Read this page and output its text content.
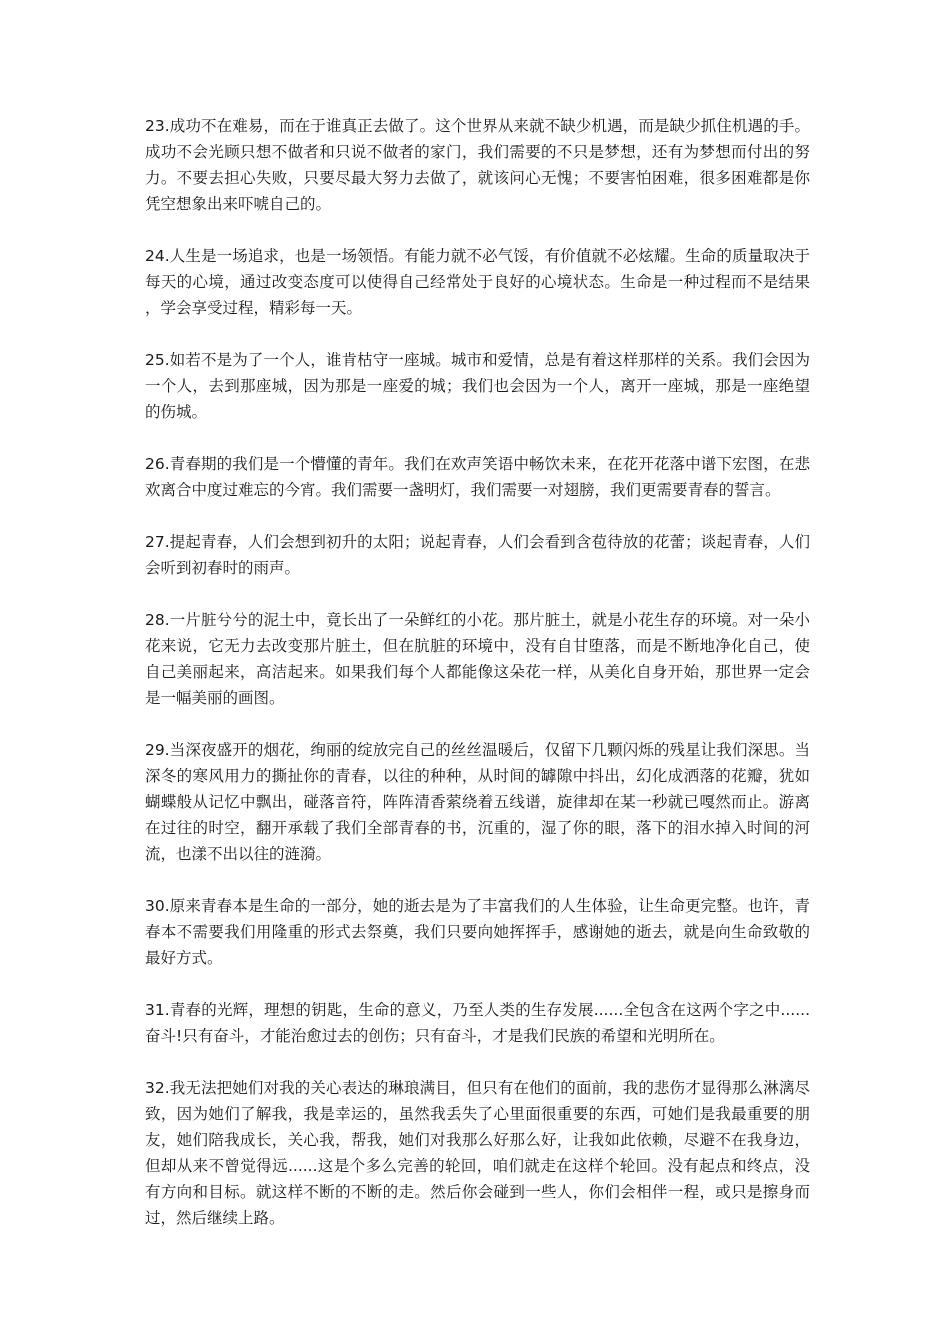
23.成功不在难易，而在于谁真正去做了。这个世界从来就不缺少机遇，而是缺少抓住机遇的手。成功不会光顾只想不做者和只说不做者的家门，我们需要的不只是梦想，还有为梦想而付出的努力。不要去担心失败，只要尽最大努力去做了，就该问心无愧；不要害怕困难，很多困难都是你凭空想象出来吓唬自己的。

24.人生是一场追求，也是一场领悟。有能力就不必气馁，有价值就不必炫耀。生命的质量取决于每天的心境，通过改变态度可以使得自己经常处于良好的心境状态。生命是一种过程而不是结果，学会享受过程，精彩每一天。

25.如若不是为了一个人，谁肯枯守一座城。城市和爱情，总是有着这样那样的关系。我们会因为一个人，去到那座城，因为那是一座爱的城；我们也会因为一个人，离开一座城，那是一座绝望的伤城。

26.青春期的我们是一个懵懂的青年。我们在欢声笑语中畅饮未来，在花开花落中谱下宏图，在悲欢离合中度过难忘的今宵。我们需要一盏明灯，我们需要一对翅膀，我们更需要青春的誓言。

27.提起青春，人们会想到初升的太阳；说起青春，人们会看到含苞待放的花蕾；谈起青春，人们会听到初春时的雨声。

28.一片脏兮兮的泥土中，竟长出了一朵鲜红的小花。那片脏土，就是小花生存的环境。对一朵小花来说，它无力去改变那片脏土，但在肮脏的环境中，没有自甘堕落，而是不断地净化自己，使自己美丽起来，高洁起来。如果我们每个人都能像这朵花一样，从美化自身开始，那世界一定会是一幅美丽的画图。

29.当深夜盛开的烟花，绚丽的绽放完自己的丝丝温暖后，仅留下几颗闪烁的残星让我们深思。当深冬的寒风用力的撕扯你的青春，以往的种种，从时间的罅隙中抖出，幻化成洒落的花瓣，犹如蝴蝶般从记忆中飘出，碰落音符，阵阵清香萦绕着五线谱，旋律却在某一秒就已嘎然而止。游离在过往的时空，翻开承载了我们全部青春的书，沉重的，湿了你的眼，落下的泪水掉入时间的河流，也漾不出以往的涟漪。

30.原来青春本是生命的一部分，她的逝去是为了丰富我们的人生体验，让生命更完整。也许，青春本不需要我们用隆重的形式去祭奠，我们只要向她挥挥手，感谢她的逝去，就是向生命致敬的最好方式。

31.青春的光辉，理想的钥匙，生命的意义，乃至人类的生存发展......全包含在这两个字之中......奋斗!只有奋斗，才能治愈过去的创伤；只有奋斗，才是我们民族的希望和光明所在。

32.我无法把她们对我的关心表达的琳琅满目，但只有在他们的面前，我的悲伤才显得那么淋漓尽致，因为她们了解我，我是幸运的，虽然我丢失了心里面很重要的东西，可她们是我最重要的朋友，她们陪我成长，关心我，帮我，她们对我那么好那么好，让我如此依赖，尽避不在我身边，但却从来不曾觉得远......这是个多么完善的轮回，咱们就走在这样个轮回。没有起点和终点，没有方向和目标。就这样不断的不断的走。然后你会碰到一些人，你们会相伴一程，或只是擦身而过，然后继续上路。
